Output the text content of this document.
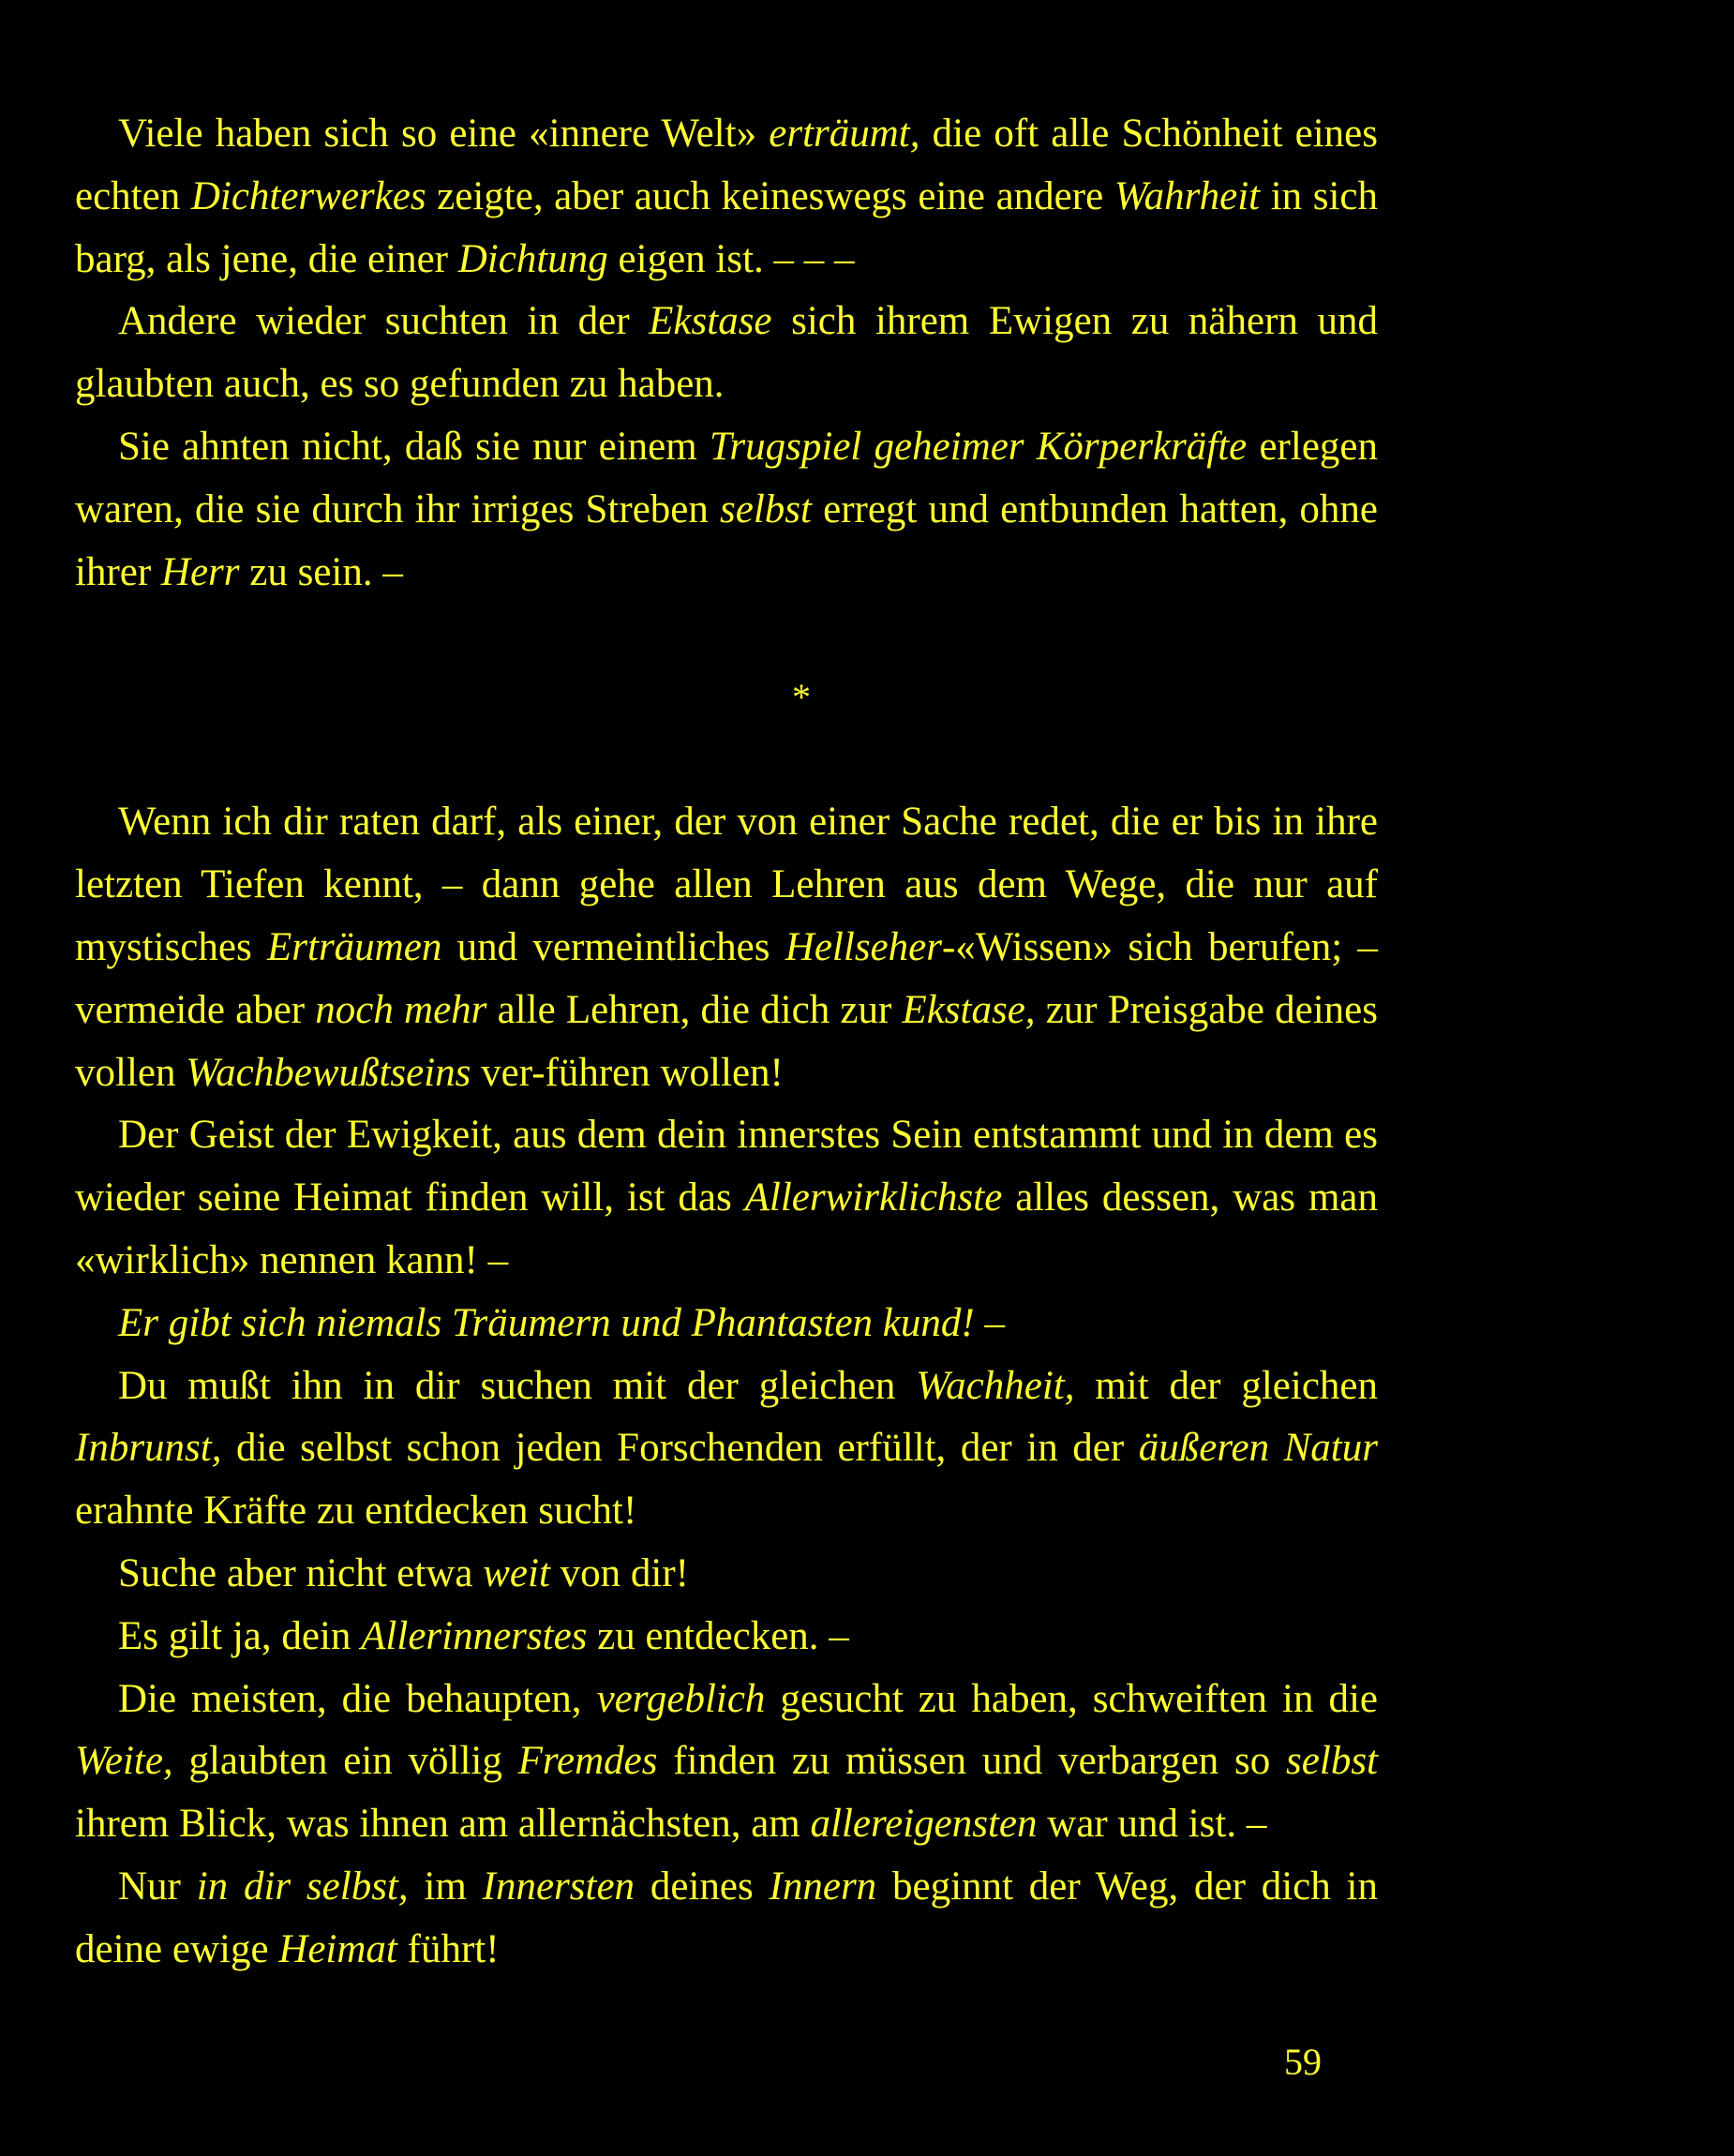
Viele haben sich so eine «innere Welt» erträumt, die oft alle Schönheit eines echten Dichterwerkes zeigte, aber auch keineswegs eine andere Wahrheit in sich barg, als jene, die einer Dichtung eigen ist. – – –

Andere wieder suchten in der Ekstase sich ihrem Ewigen zu nähern und glaubten auch, es so gefunden zu haben.

Sie ahnten nicht, daß sie nur einem Trugspiel geheimer Körperkräfte erlegen waren, die sie durch ihr irriges Streben selbst erregt und entbunden hatten, ohne ihrer Herr zu sein. –

*

Wenn ich dir raten darf, als einer, der von einer Sache redet, die er bis in ihre letzten Tiefen kennt, – dann gehe allen Lehren aus dem Wege, die nur auf mystisches Erträumen und vermeintliches Hellseher-«Wissen» sich berufen; – vermeide aber noch mehr alle Lehren, die dich zur Ekstase, zur Preisgabe deines vollen Wachbewußtseins ver-führen wollen!

Der Geist der Ewigkeit, aus dem dein innerstes Sein entstammt und in dem es wieder seine Heimat finden will, ist das Allerwirklichste alles dessen, was man «wirklich» nennen kann! –

Er gibt sich niemals Träumern und Phantasten kund! –

Du mußt ihn in dir suchen mit der gleichen Wachheit, mit der gleichen Inbrunst, die selbst schon jeden Forschenden erfüllt, der in der äußeren Natur erahnte Kräfte zu entdecken sucht!

Suche aber nicht etwa weit von dir!

Es gilt ja, dein Allerinnerstes zu entdecken. –

Die meisten, die behaupten, vergeblich gesucht zu haben, schweiften in die Weite, glaubten ein völlig Fremdes finden zu müssen und verbargen so selbst ihrem Blick, was ihnen am allernächsten, am allereigensten war und ist. –

Nur in dir selbst, im Innersten deines Innern beginnt der Weg, der dich in deine ewige Heimat führt!

59
